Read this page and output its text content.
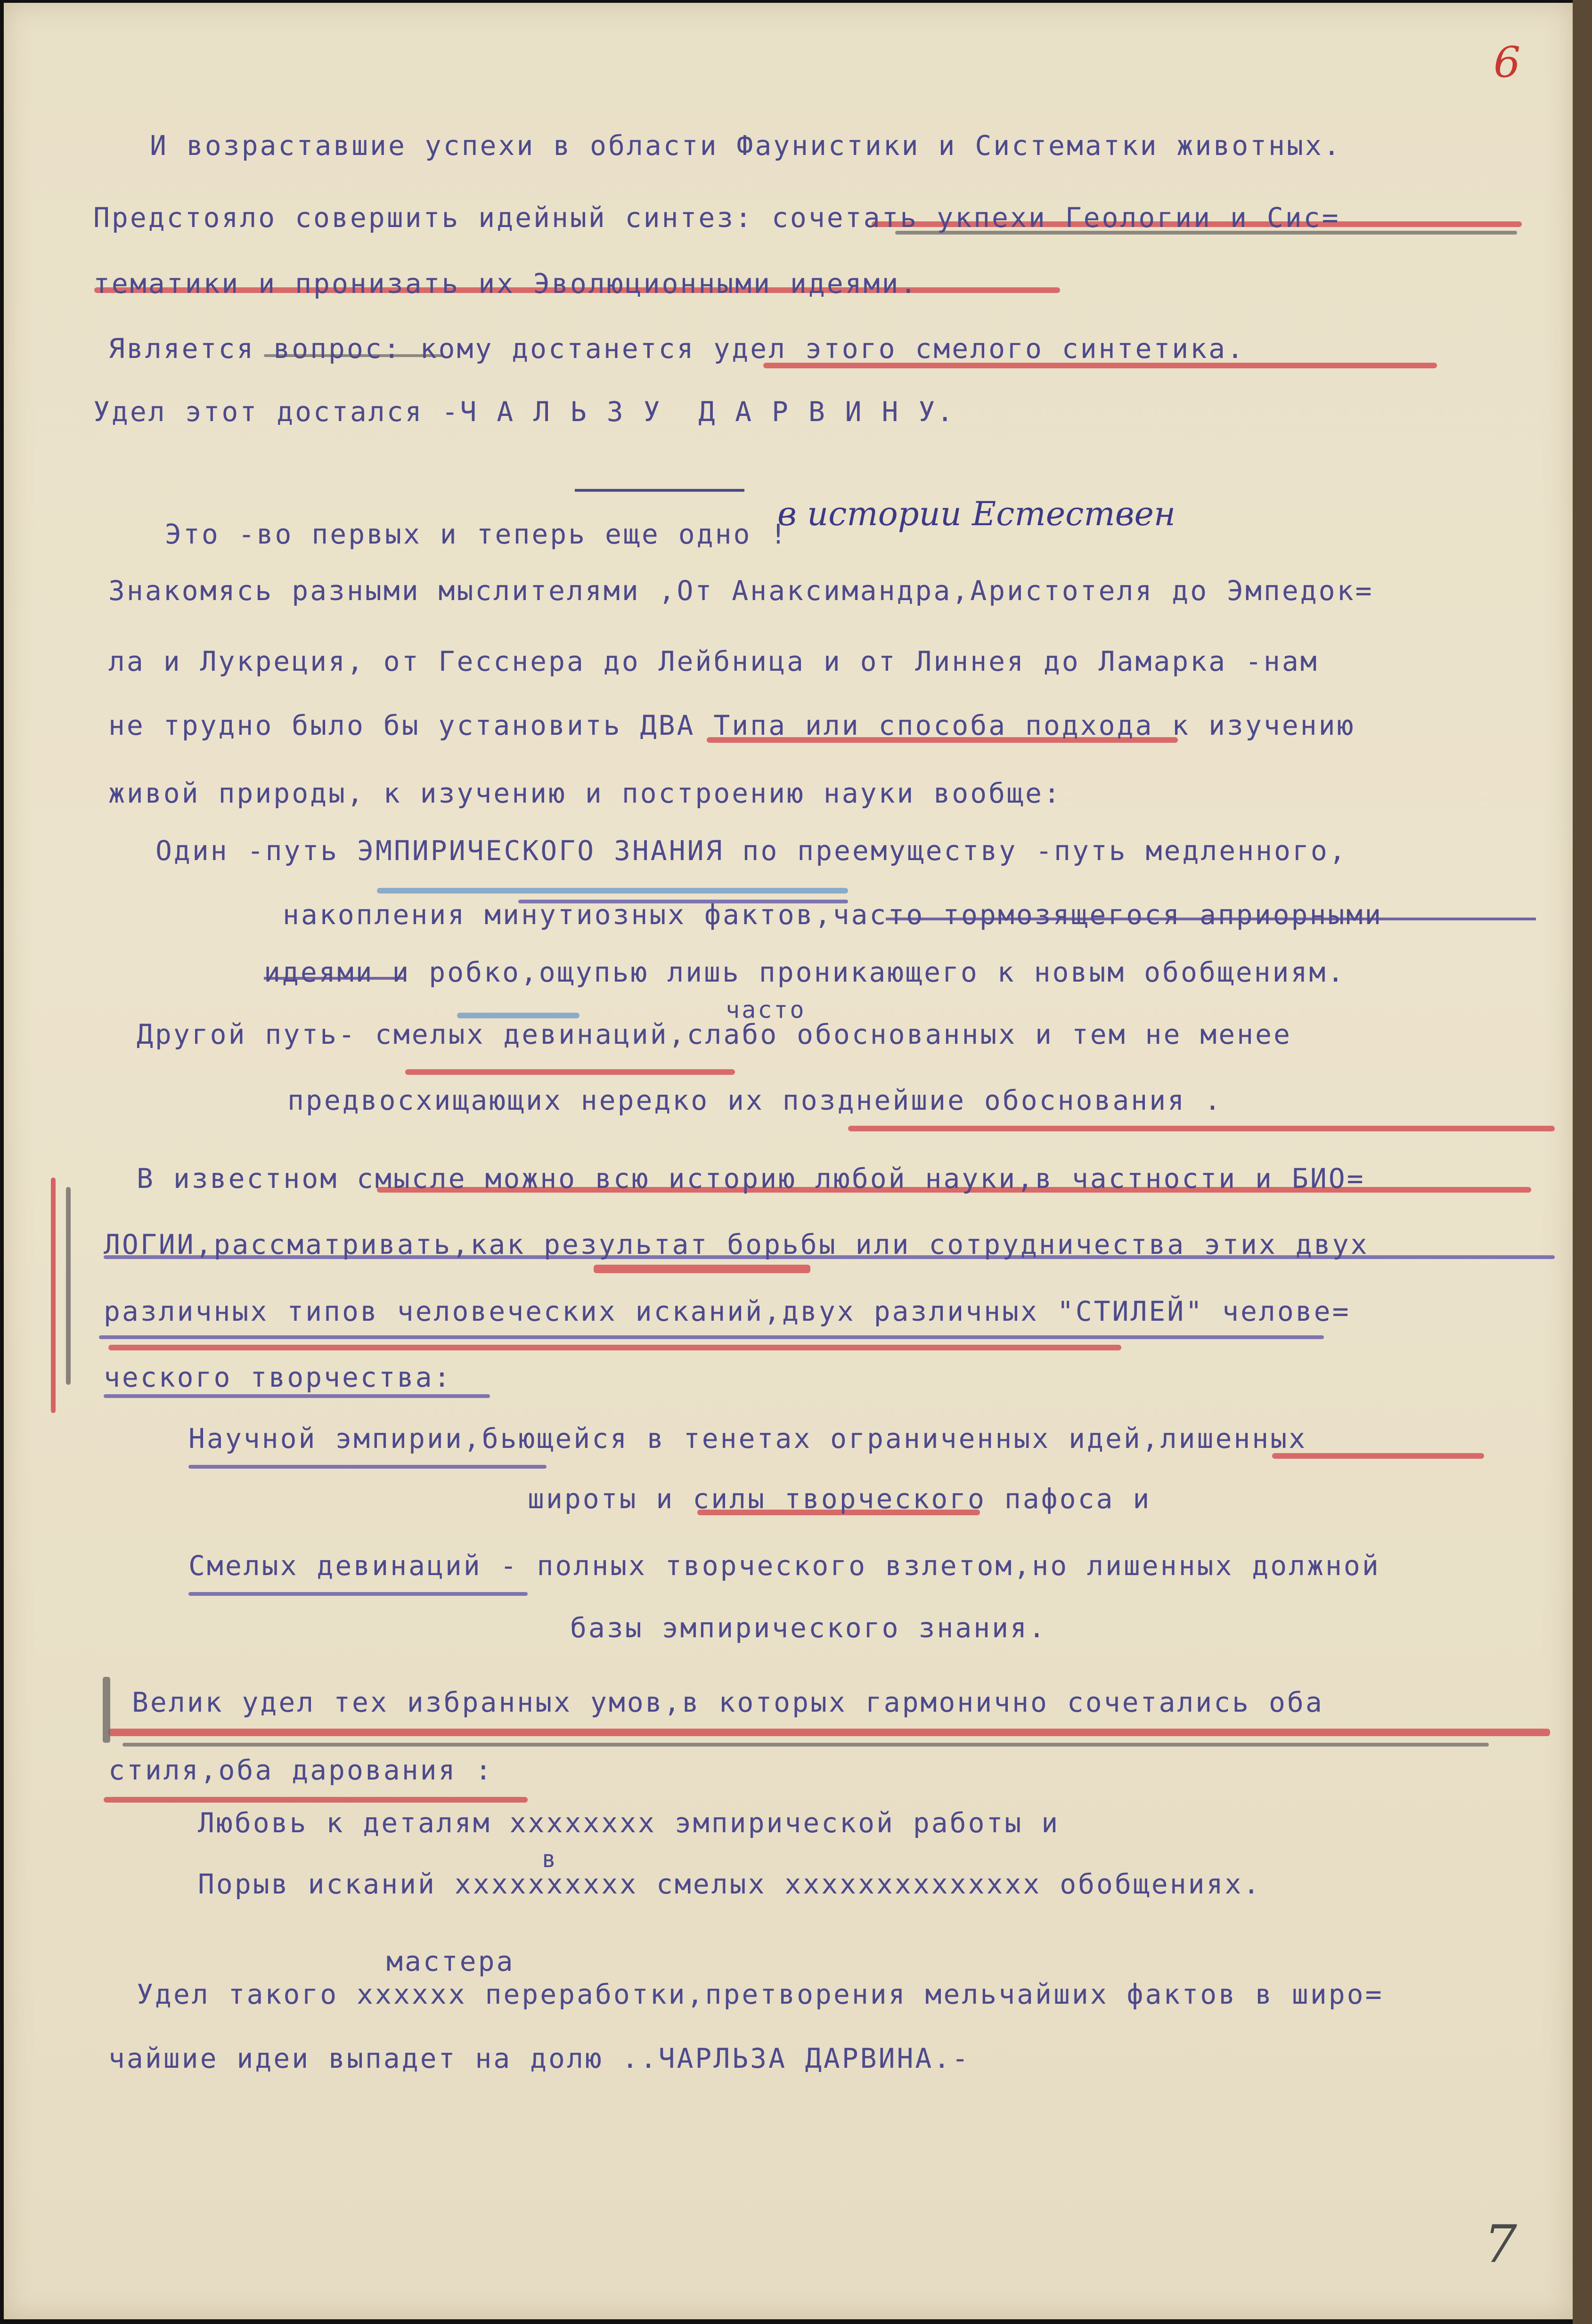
6
7
И возраставшие успехи в области Фаунистики и Систематки животных.
Предстояло совершить идейный синтез: сочетать укпехи Геологии и Сис=
тематики и пронизать их Эволюционными идеями.
Является вопрос: кому достанется удел этого смелого синтетика.
Удел этот достался -Ч А Л Ь З У  Д А Р В И Н У.
Это -во первых и теперь еще одно !
в истории Естествен
Знакомясь разными мыслителями ,От Анаксимандра,Аристотеля до Эмпедок=
ла и Лукреция, от Гесснера до Лейбница и от Линнея до Ламарка -нам
не трудно было бы установить ДВА Типа или способа подхода к изучению
живой природы, к изучению и построению науки вообще:
Один -путь ЭМПИРИЧЕСКОГО ЗНАНИЯ по преемуществу -путь медленного,
накопления минутиозных фактов,часто тормозящегося априорными
идеями и робко,ощупью лишь проникающего к новым обобщениям.
часто
Другой путь- смелых девинаций,слабо обоснованных и тем не менее
предвосхищающих нередко их позднейшие обоснования .
В известном смысле можно всю историю любой науки,в частности и БИО=
ЛОГИИ,рассматривать,как результат борьбы или сотрудничества этих двух
различных типов человеческих исканий,двух различных "СТИЛЕЙ" челове=
ческого творчества:
Научной эмпирии,бьющейся в тенетах ограниченных идей,лишенных
широты и силы творческого пафоса и
Смелых девинаций - полных творческого взлетом,но лишенных должной
базы эмпирического знания.
Велик удел тех избранных умов,в которых гармонично сочетались оба
стиля,оба дарования :
Любовь к деталям хххххххх эмпирической работы и
в
Порыв исканий хххххххххх смелых хххххххххххххх обобщениях.
мастера
Удел такого хххххх переработки,претворения мельчайших фактов в широ=
чайшие идеи выпадет на долю ..ЧАРЛЬЗА ДАРВИНА.-
